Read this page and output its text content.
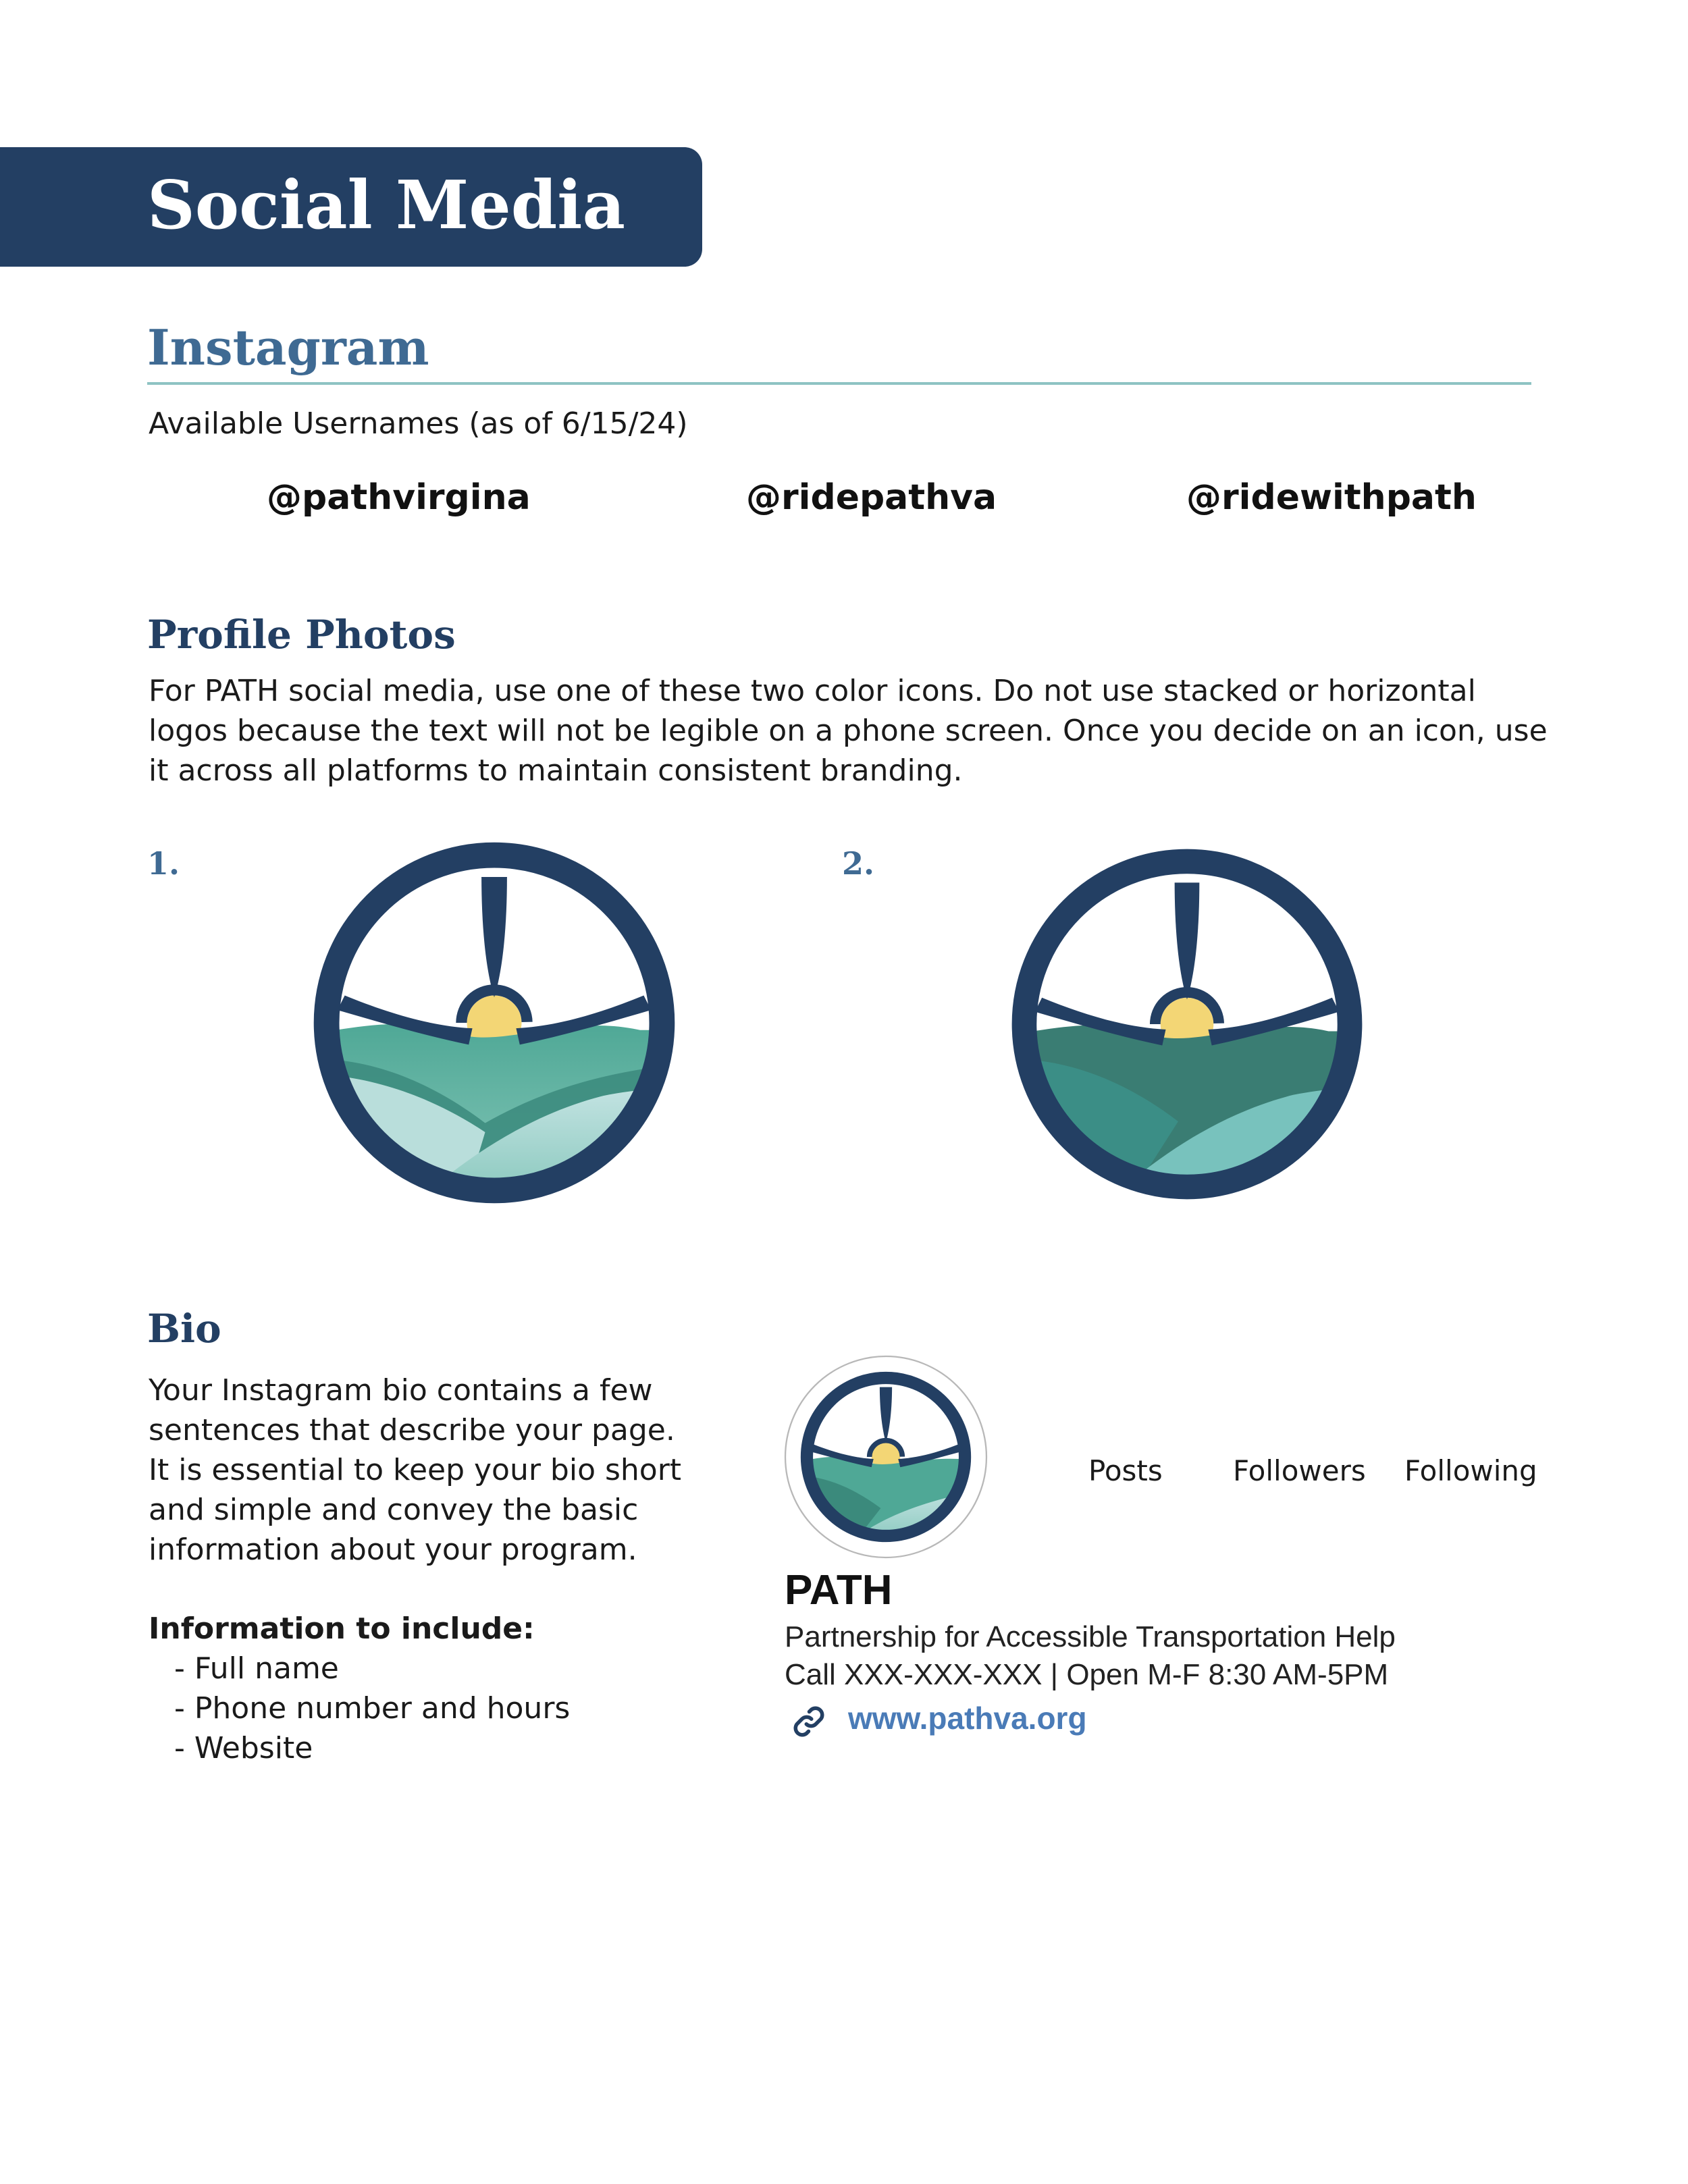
Social Media
Instagram
Available Usernames (as of 6/15/24)
@pathvirgina	@ridepathva	@ridewithpath
Profile Photos
For PATH social media, use one of these two color icons. Do not use stacked or horizontal
logos because the text will not be legible on a phone screen. Once you decide on an icon, use
it across all platforms to maintain consistent branding.
1.	2.
Bio
Your Instagram bio contains a few
sentences that describe your page.
It is essential to keep your bio short
and simple and convey the basic
information about your program.
Information to include:
- Full name
- Phone number and hours
- Website
Posts Followers Following
PATH
Partnership for Accessible Transportation Help
Call XXX-XXX-XXX | Open M-F 8:30 AM-5PM
www.pathva.org
